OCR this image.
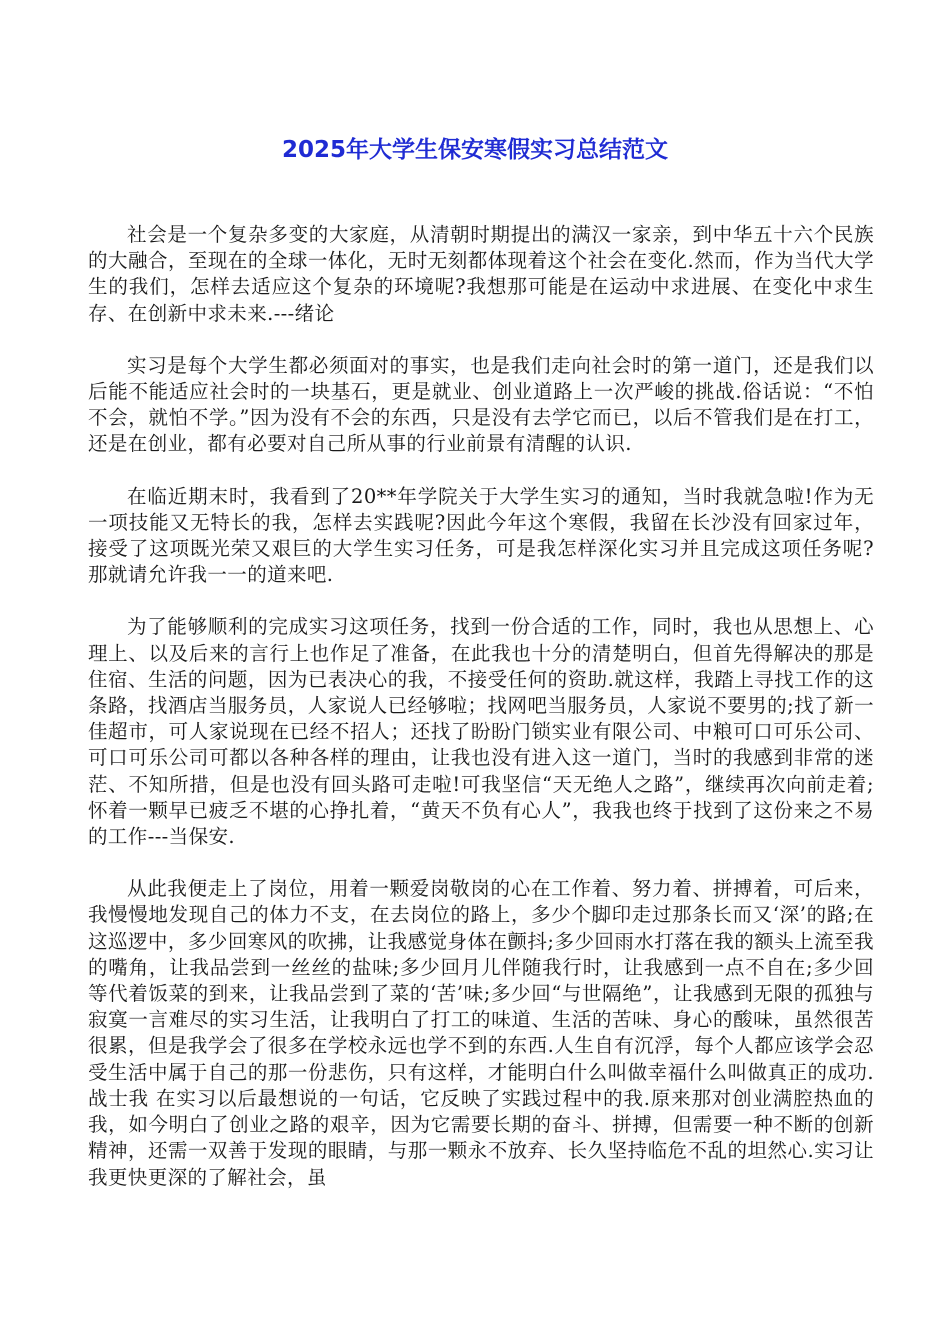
2025年大学生保安寒假实习总结范文

社会是一个复杂多变的大家庭，从清朝时期提出的满汉一家亲，到中华五十六个民族的大融合，至现在的全球一体化，无时无刻都体现着这个社会在变化.然而，作为当代大学生的我们，怎样去适应这个复杂的环境呢?我想那可能是在运动中求进展、在变化中求生存、在创新中求未来.---绪论

实习是每个大学生都必须面对的事实，也是我们走向社会时的第一道门，还是我们以后能不能适应社会时的一块基石，更是就业、创业道路上一次严峻的挑战.俗话说：“不怕不会，就怕不学。”因为没有不会的东西，只是没有去学它而已，以后不管我们是在打工，还是在创业，都有必要对自己所从事的行业前景有清醒的认识.

在临近期末时，我看到了20**年学院关于大学生实习的通知，当时我就急啦!作为无一项技能又无特长的我，怎样去实践呢?因此今年这个寒假，我留在长沙没有回家过年，接受了这项既光荣又艰巨的大学生实习任务，可是我怎样深化实习并且完成这项任务呢?那就请允许我一一的道来吧.

为了能够顺利的完成实习这项任务，找到一份合适的工作，同时，我也从思想上、心理上、以及后来的言行上也作足了准备，在此我也十分的清楚明白，但首先得解决的那是住宿、生活的问题，因为已表决心的我，不接受任何的资助.就这样，我踏上寻找工作的这条路，找酒店当服务员，人家说人已经够啦；找网吧当服务员，人家说不要男的;找了新一佳超市，可人家说现在已经不招人；还找了盼盼门锁实业有限公司、中粮可口可乐公司、可口可乐公司可都以各种各样的理由，让我也没有进入这一道门，当时的我感到非常的迷茫、不知所措，但是也没有回头路可走啦!可我坚信“天无绝人之路”，继续再次向前走着;怀着一颗早已疲乏不堪的心挣扎着，“黄天不负有心人”，我我也终于找到了这份来之不易的工作---当保安.

从此我便走上了岗位，用着一颗爱岗敬岗的心在工作着、努力着、拼搏着，可后来，我慢慢地发现自己的体力不支，在去岗位的路上，多少个脚印走过那条长而又‘深’的路;在这巡逻中，多少回寒风的吹拂，让我感觉身体在颤抖;多少回雨水打落在我的额头上流至我的嘴角，让我品尝到一丝丝的盐味;多少回月儿伴随我行时，让我感到一点不自在;多少回等代着饭菜的到来，让我品尝到了菜的‘苦’味;多少回“与世隔绝”，让我感到无限的孤独与寂寞一言难尽的实习生活，让我明白了打工的味道、生活的苦味、身心的酸味，虽然很苦很累，但是我学会了很多在学校永远也学不到的东西.人生自有沉浮，每个人都应该学会忍受生活中属于自己的那一份悲伤，只有这样，才能明白什么叫做幸福什么叫做真正的成功.战士我 在实习以后最想说的一句话，它反映了实践过程中的我.原来那对创业满腔热血的我，如今明白了创业之路的艰辛，因为它需要长期的奋斗、拼搏，但需要一种不断的创新精神，还需一双善于发现的眼睛，与那一颗永不放弃、长久坚持临危不乱的坦然心.实习让我更快更深的了解社会，虽
